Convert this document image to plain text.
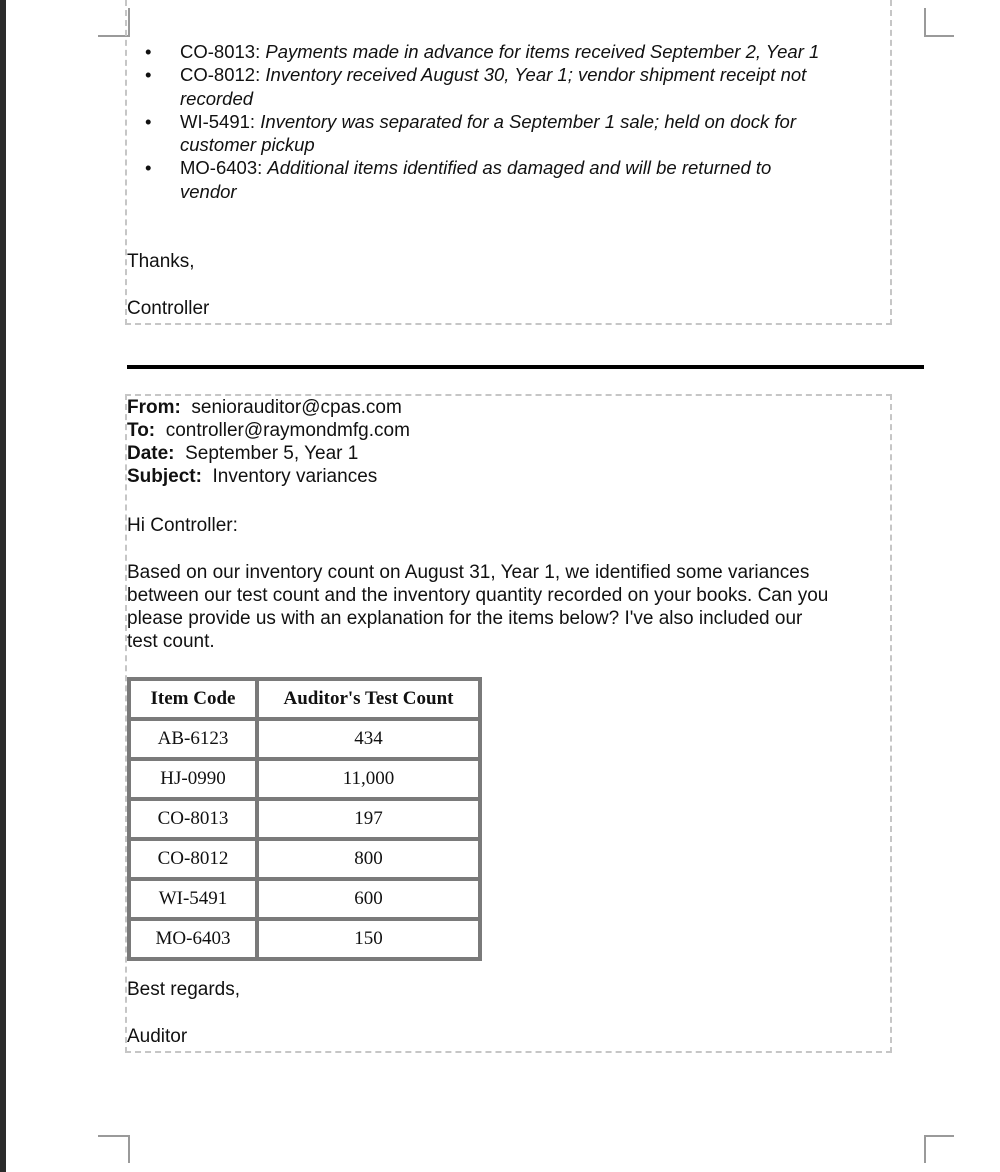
• CO-8013: Payments made in advance for items received September 2, Year 1
• CO-8012: Inventory received August 30, Year 1; vendor shipment receipt not
recorded
• WI-5491: Inventory was separated for a September 1 sale; held on dock for
customer pickup
• MO-6403: Additional items identified as damaged and will be returned to
vendor
Thanks,
Controller
From: seniorauditor@cpas.com
To: controller@raymondmfg.com
Date: September 5, Year 1
Subject: Inventory variances
Hi Controller:
Based on our inventory count on August 31, Year 1, we identified some variances
between our test count and the inventory quantity recorded on your books. Can you
please provide us with an explanation for the items below? I've also included our
test count.
Item Code	Auditor's Test Count
AB-6123	434
HJ-0990	11,000
CO-8013	197
CO-8012	800
WI-5491	600
MO-6403	150
Best regards,
Auditor
